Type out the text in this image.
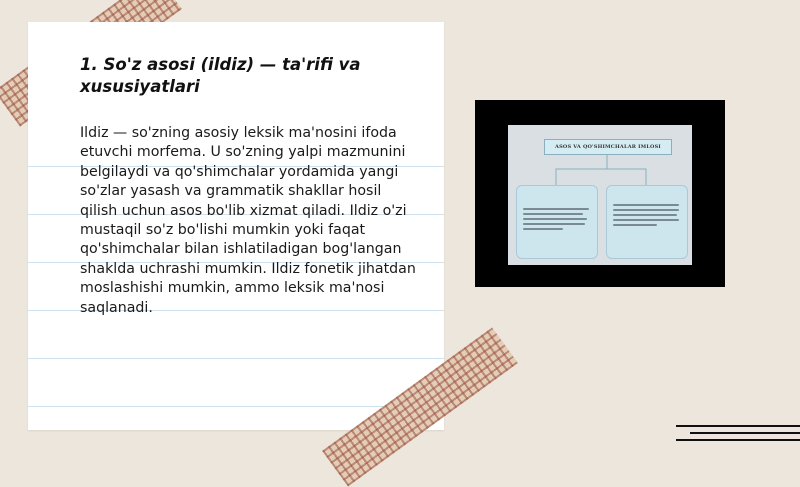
1. So'z asosi (ildiz) — ta'rifi va xususiyatlari
Ildiz — so'zning asosiy leksik ma'nosini ifoda etuvchi morfema. U so'zning yalpi mazmunini belgilaydi va qo'shimchalar yordamida yangi so'zlar yasash va grammatik shakllar hosil qilish uchun asos bo'lib xizmat qiladi. Ildiz o'zi mustaqil so'z bo'lishi mumkin yoki faqat qo'shimchalar bilan ishlatiladigan bog'langan shaklda uchrashi mumkin. Ildiz fonetik jihatdan moslashishi mumkin, ammo leksik ma'nosi saqlanadi.
ASOS VA QO'SHIMCHALAR IMLOSI
